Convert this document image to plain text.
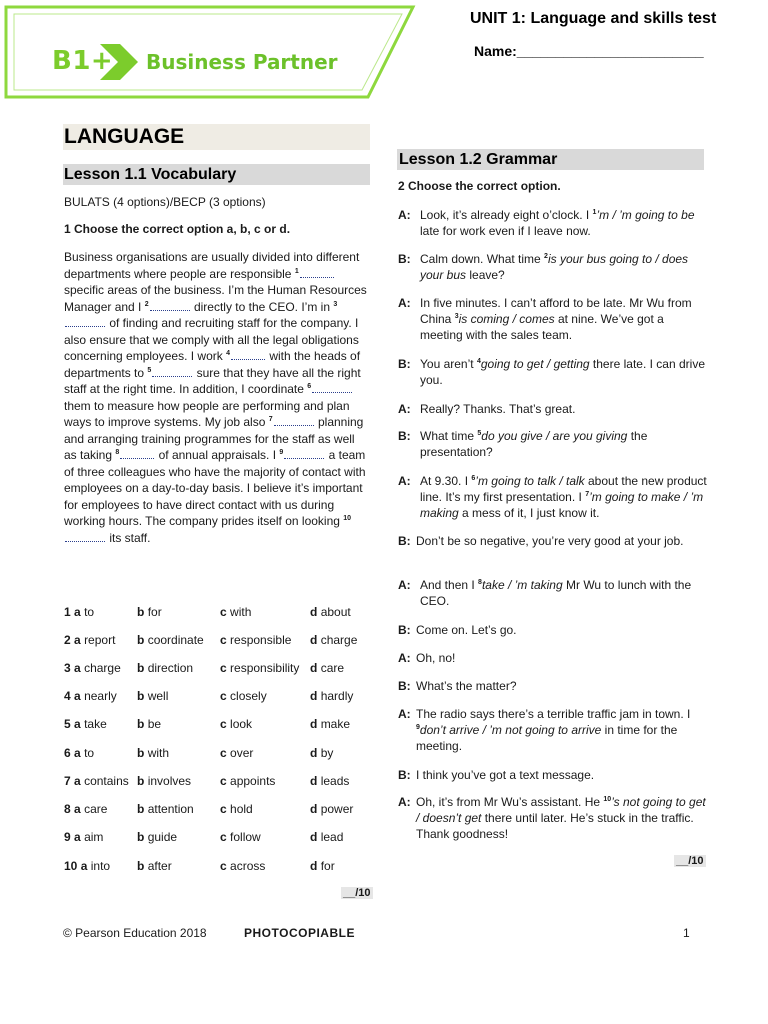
B1+ Business Partner
UNIT 1: Language and skills test
Name:________________________
LANGUAGE
Lesson 1.1 Vocabulary
BULATS (4 options)/BECP (3 options)
1 Choose the correct option a, b, c or d.
Business organisations are usually divided into different departments where people are responsible $^1$ specific areas of the business. I’m the Human Resources Manager and I $^2$	directly to the CEO. I’m in $^3$ of finding and recruiting staff for the company. I also ensure that we comply with all the legal obligations concerning employees. I work $^4$	with the heads of departments to $^5$	sure that they have all the right staff at the right time. In addition, I coordinate $^6$ them to measure how people are performing and plan ways to improve systems. My job also $^7$	planning and arranging training programmes for the staff as well as taking $^8$	of annual appraisals. I $^9$	a team of three colleagues who have the majority of contact with employees on a day-to-day basis. I believe it’s important for employees to have direct contact with us during working hours. The company prides itself on looking $^{10}$ its staff.
1 a to	b for	c with	d about
2 a report b coordinate c responsible d charge
3 a charge b direction c responsibility d care
4 a nearly b well	c closely	d hardly
5 a take	b be	c look	d make
6 a to	b with	c over	d by
7 a contains b involves c appoints	d leads
8 a care b attention c hold	d power
9 a aim	b guide	c follow	d lead
10 a into b after	c across	d for
__/10
Lesson 1.2 Grammar
2 Choose the correct option.
A: Look, it’s already eight o’clock. I $^1$’m / ’m going to be late for work even if I leave now.
B: Calm down. What time $^2$is your bus going to / does your bus leave?
A: In five minutes. I can’t afford to be late. Mr Wu from China $^3$is coming / comes at nine. We’ve got a meeting with the sales team.
B: You aren’t $^4$going to get / getting there late. I can drive you.
A: Really? Thanks. That’s great.
B: What time $^5$do you give / are you giving the presentation?
A: At 9.30. I $^6$’m going to talk / talk about the new product line. It’s my first presentation. I $^7$’m going to make / ’m making a mess of it, I just know it.
B: Don’t be so negative, you’re very good at your job.
A: And then I $^8$take / ’m taking Mr Wu to lunch with the CEO.
B: Come on. Let’s go.
A: Oh, no!
B: What’s the matter?
A: The radio says there’s a terrible traffic jam in town. I $^9$don’t arrive / ’m not going to arrive in time for the meeting.
B: I think you’ve got a text message.
A: Oh, it’s from Mr Wu’s assistant. He $^{10}$’s not going to get / doesn’t get there until later. He’s stuck in the traffic. Thank goodness!
__/10
© Pearson Education 2018	PHOTOCOPIABLE	1
